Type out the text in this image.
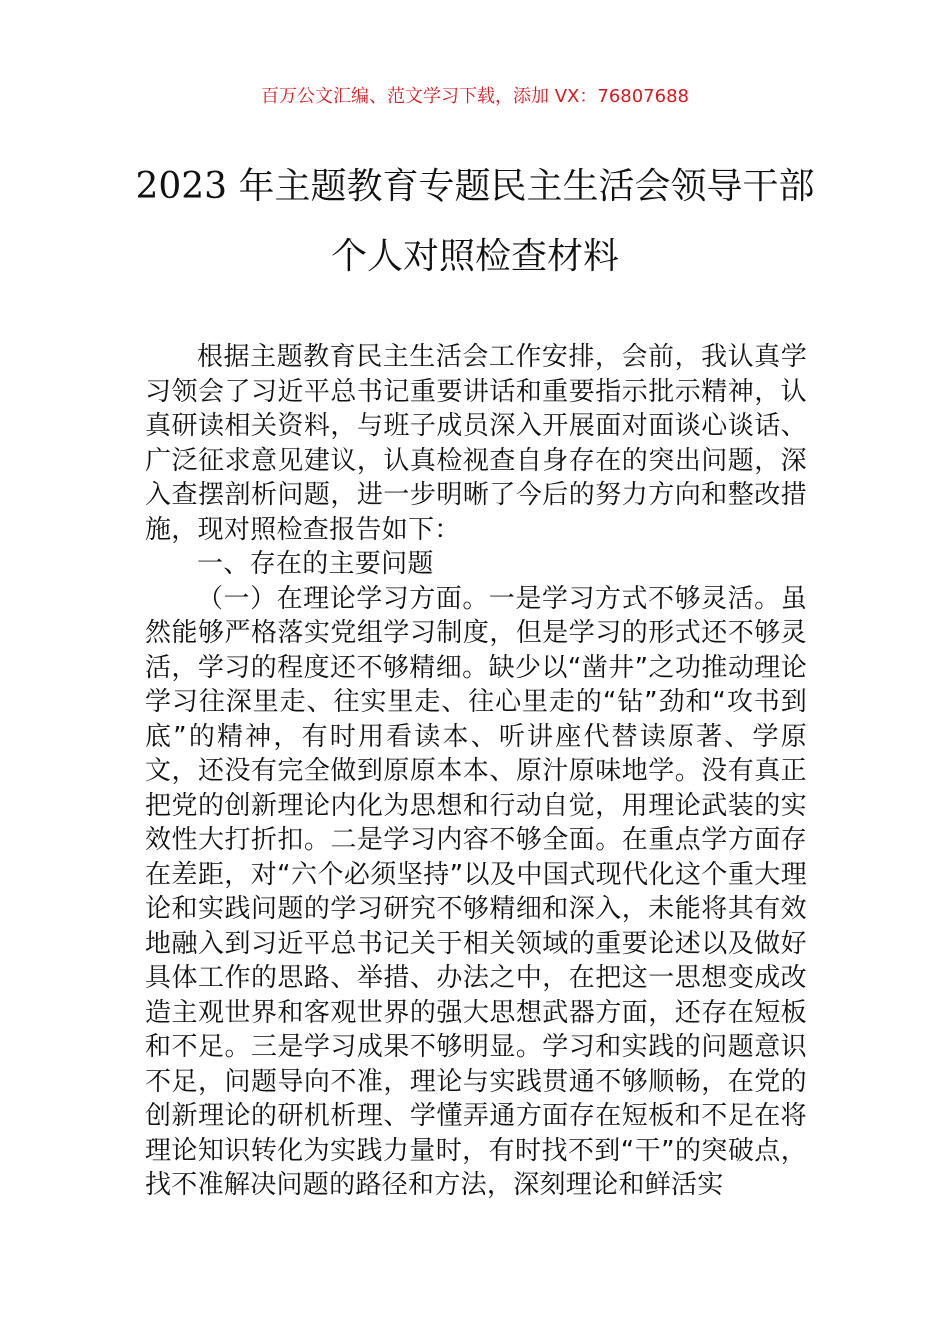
百万公文汇编、范文学习下载，添加 VX：76807688
2023 年主题教育专题民主生活会领导干部
个人对照检查材料

根据主题教育民主生活会工作安排，会前，我认真学习领会了习近平总书记重要讲话和重要指示批示精神，认真研读相关资料，与班子成员深入开展面对面谈心谈话、广泛征求意见建议，认真检视查自身存在的突出问题，深入查摆剖析问题，进一步明晰了今后的努力方向和整改措施，现对照检查报告如下：

一、存在的主要问题

（一）在理论学习方面。一是学习方式不够灵活。虽然能够严格落实党组学习制度，但是学习的形式还不够灵活，学习的程度还不够精细。缺少以“凿井”之功推动理论学习往深里走、往实里走、往心里走的“钻”劲和“攻书到底”的精神，有时用看读本、听讲座代替读原著、学原文，还没有完全做到原原本本、原汁原味地学。没有真正把党的创新理论内化为思想和行动自觉，用理论武装的实效性大打折扣。二是学习内容不够全面。在重点学方面存在差距，对“六个必须坚持”以及中国式现代化这个重大理论和实践问题的学习研究不够精细和深入，未能将其有效地融入到习近平总书记关于相关领域的重要论述以及做好具体工作的思路、举措、办法之中，在把这一思想变成改造主观世界和客观世界的强大思想武器方面，还存在短板和不足。三是学习成果不够明显。学习和实践的问题意识不足，问题导向不准，理论与实践贯通不够顺畅，在党的创新理论的研机析理、学懂弄通方面存在短板和不足在将理论知识转化为实践力量时，有时找不到“干”的突破点，找不准解决问题的路径和方法，深刻理论和鲜活实
